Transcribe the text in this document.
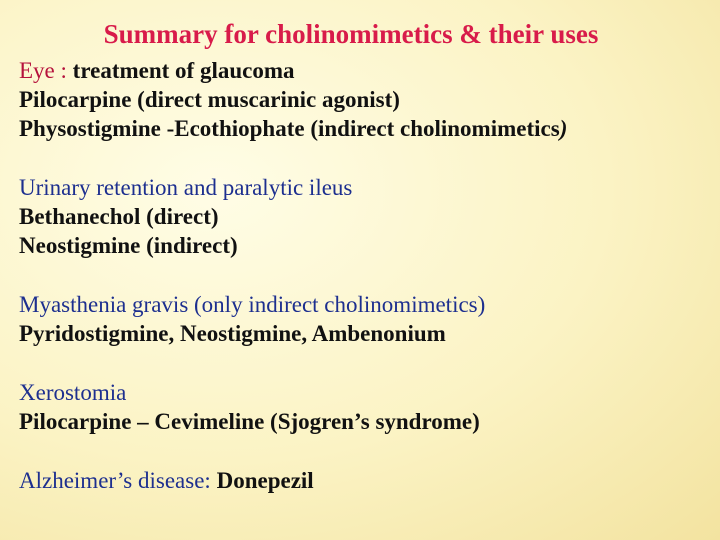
Summary for cholinomimetics & their uses
Eye : treatment of glaucoma
Pilocarpine (direct muscarinic agonist)
Physostigmine -Ecothiophate (indirect cholinomimetics)
Urinary retention and paralytic ileus
Bethanechol (direct)
Neostigmine (indirect)
Myasthenia gravis (only indirect cholinomimetics)
Pyridostigmine, Neostigmine, Ambenonium
Xerostomia
Pilocarpine – Cevimeline (Sjogren’s syndrome)
Alzheimer’s disease: Donepezil
